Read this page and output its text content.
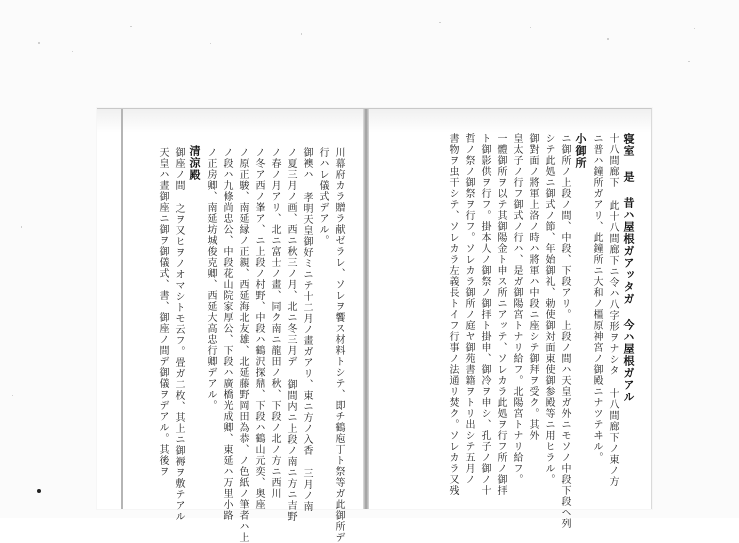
川幕府カラ贈ラ献ゼラレ、ソレヲ饗ス材料トシテ、即チ鶴庖丁ト祭等ガ此御所デ
行ハレ儀式デアル。
御襖ハ 孝明天皇御好ミニテ十二月ノ畫ガアリ、東ニ方ノ入香 三月ノ南
ノ夏三月ノ画、西ニ秋三ノ月、北ニ冬三月デ 御間内ニ上段ノ南ニ方ニ吉野
ノ春ノ月アリ、北ニ富士ノ畫、同ク南ニ龍田ノ秋、下段ノ北ノ方ニ西川
ノ冬ア西ノ峯ア、ニ上段ノ村野、中段ハ鶴沢探鼎、下段ハ鶴山元奕、奥座
ノ原正駿、南延縁ノ正親、西延海北友雄、北延藤野岡田為恭、ノ色紙ノ筆者ハ上
ノ段ハ九條尚忠公、中段花山院家厚公、下段ハ廣橋光成卿、東延ハ万里小路
ノ正房卿、南延坊城俊克卿、西延大高忠行卿デアル。
清涼殿
御座ノ間 之ヲ又ヒヲノオマシトモ云フ。畳ガ二枚、其上ニ御褥ヲ敷テアル
天皇ハ晝御座ニ御ヲ御儀式、書、御座ノ間デ御儀ヲデアル。其後ヲ	寝室 是 昔ハ屋根ガアッタガ 今ハ屋根ガアル
十八間廊下 此十八間廊下ニ令ハ八字形ヲナシタ 十八間廊下ノ東ノ方
ニ普ハ鐘所ガアリ、此鐘所ニ大和ノ橿原神宮ノ御殿ニナツテヰル。
小御所
ニ御所ノ上段ノ間、中段、下段アリ。上段ノ間ハ天皇ガ外ニモソノ中段下段ヘ列
シテ此処ニ御式ノ節、年始御礼、勅使御対面東使御参殿等ニ用ヒラル。
御對面ノ將軍上洛ノ時ハ將軍ハ中段ニ座シテ御拜ヲ受ク。其外
皇太子ノ行フ御式ノ行ハ、是ガ御陽宮トナリ給フ。北陽宮トナリ給フ。
一體御所ヲ以テ其御陽金ト申ス所ニアッテ、ソレカラ此処ヲ行フ所ノ御拝
ト御影供ヲ行フ。掛本人ノ御祭ノ御拝ト掛申、御冷ヲ申シ、孔子ノ御ノ十
哲ノ祭ノ御祭ヲ行フ。ソレカラ御所ノ庭ヤ御苑書籍ヲトリ出シテ五月ノ
書物ヲ虫干シテ、ソレカラ左義長トイフ行事ノ法通リ焚ク。ソレカラ又残
